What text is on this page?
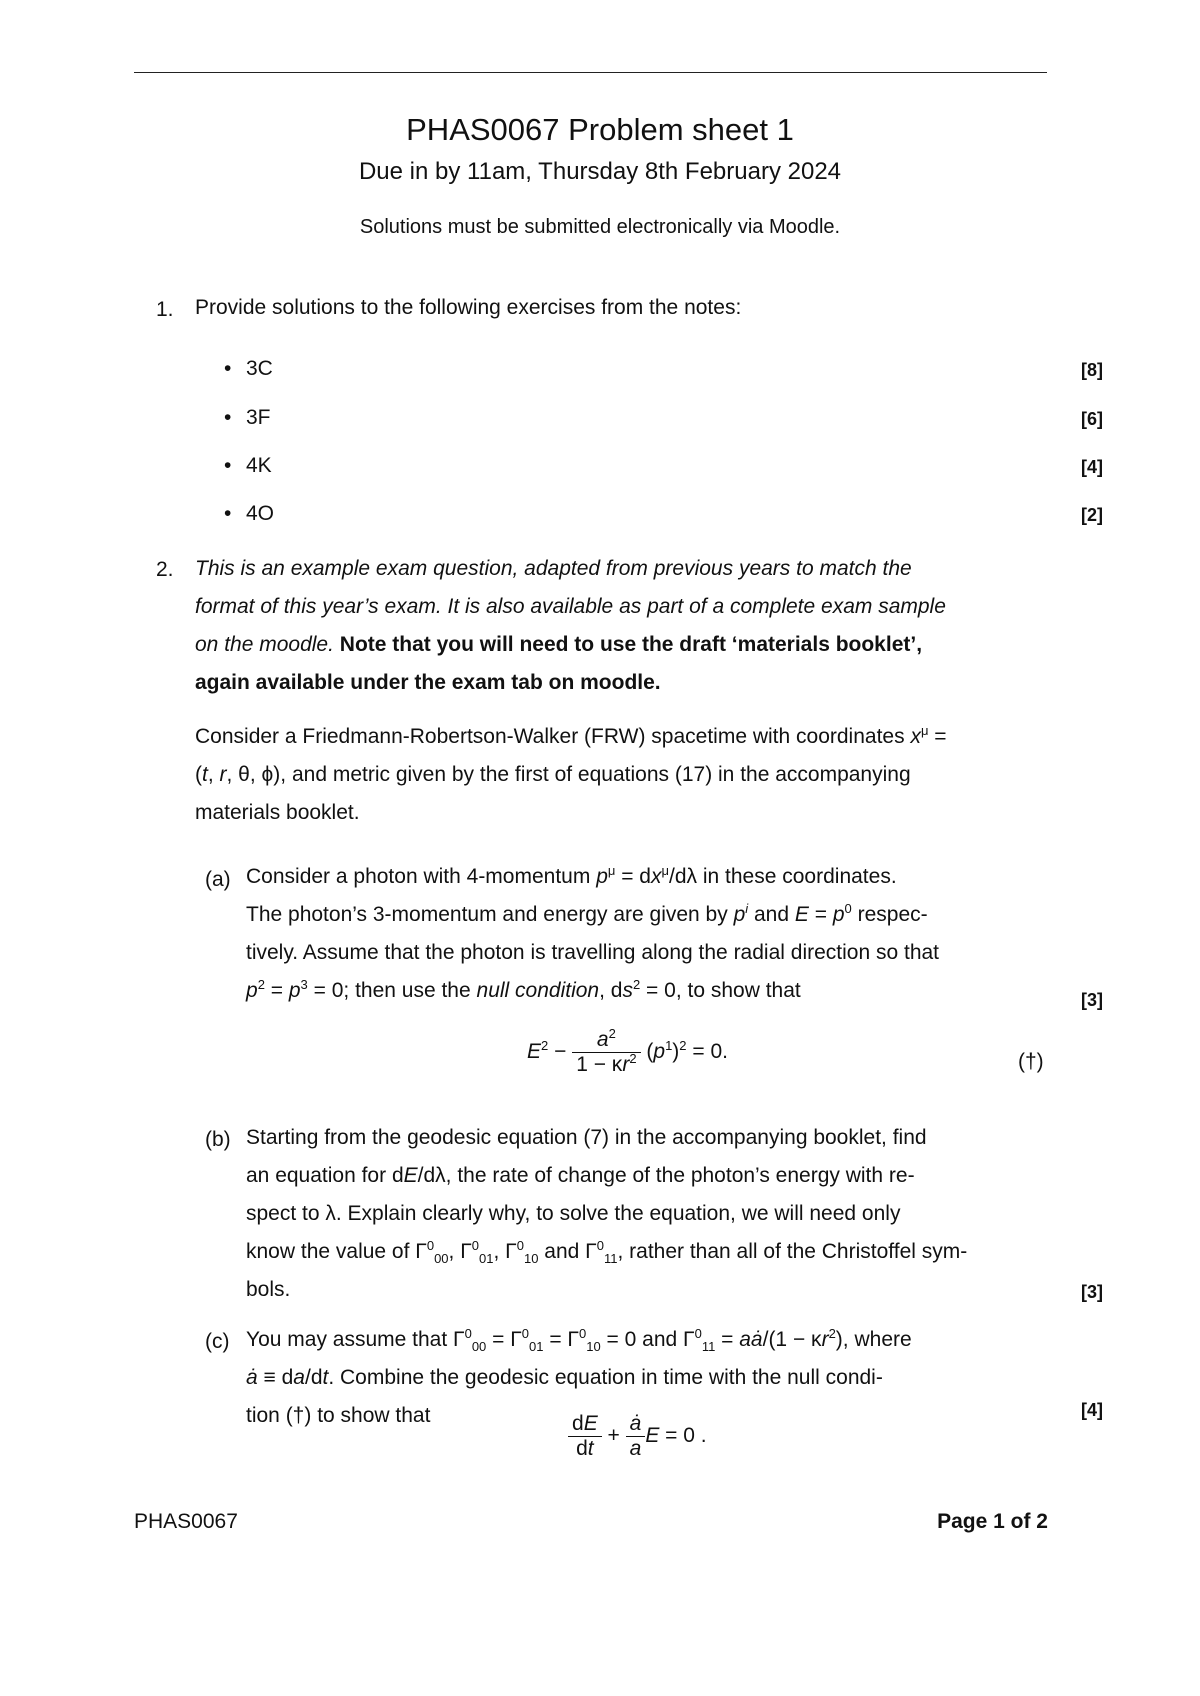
PHAS0067 Problem sheet 1
Due in by 11am, Thursday 8th February 2024
Solutions must be submitted electronically via Moodle.
1. Provide solutions to the following exercises from the notes:
• 3C	[8]
• 3F	[6]
• 4K	[4]
• 4O	[2]
2. This is an example exam question, adapted from previous years to match the
format of this year’s exam. It is also available as part of a complete exam sample
on the moodle. Note that you will need to use the draft ‘materials booklet’,
again available under the exam tab on moodle.
Consider a Friedmann-Robertson-Walker (FRW) spacetime with coordinates $x^\mu$ =
(t, r, θ, ϕ), and metric given by the first of equations (17) in the accompanying
materials booklet.
(a) Consider a photon with 4-momentum $p^\mu = dx^\mu/d\lambda$ in these coordinates.
The photon’s 3-momentum and energy are given by $p^i$ and $E = p^0$ respec-
tively. Assume that the photon is travelling along the radial direction so that
$p^2 = p^3 = 0$; then use the null condition, $ds^2 = 0$, to show that	[3]
$E^2 - \frac{a^2}{1 - \kappa r^2} (p^1)^2 = 0$.	(†)
(b) Starting from the geodesic equation (7) in the accompanying booklet, find
an equation for dE/dλ, the rate of change of the photon’s energy with re-
spect to λ. Explain clearly why, to solve the equation, we will need only
know the value of $\Gamma^0_{00}$, $\Gamma^0_{01}$, $\Gamma^0_{10}$ and $\Gamma^0_{11}$, rather than all of the Christoffel sym-
bols.	[3]
(c) You may assume that $\Gamma^0_{00} = \Gamma^0_{01} = \Gamma^0_{10} = 0$ and $\Gamma^0_{11}$ = aȧ/(1 − $\kappa r^2$), where
ȧ ≡ da/dt. Combine the geodesic equation in time with the null condi-
tion (†) to show that	[4]
$\frac{dE}{dt} + \frac{ȧ}{a}$ E = 0 .
PHAS0067	Page 1 of 2
